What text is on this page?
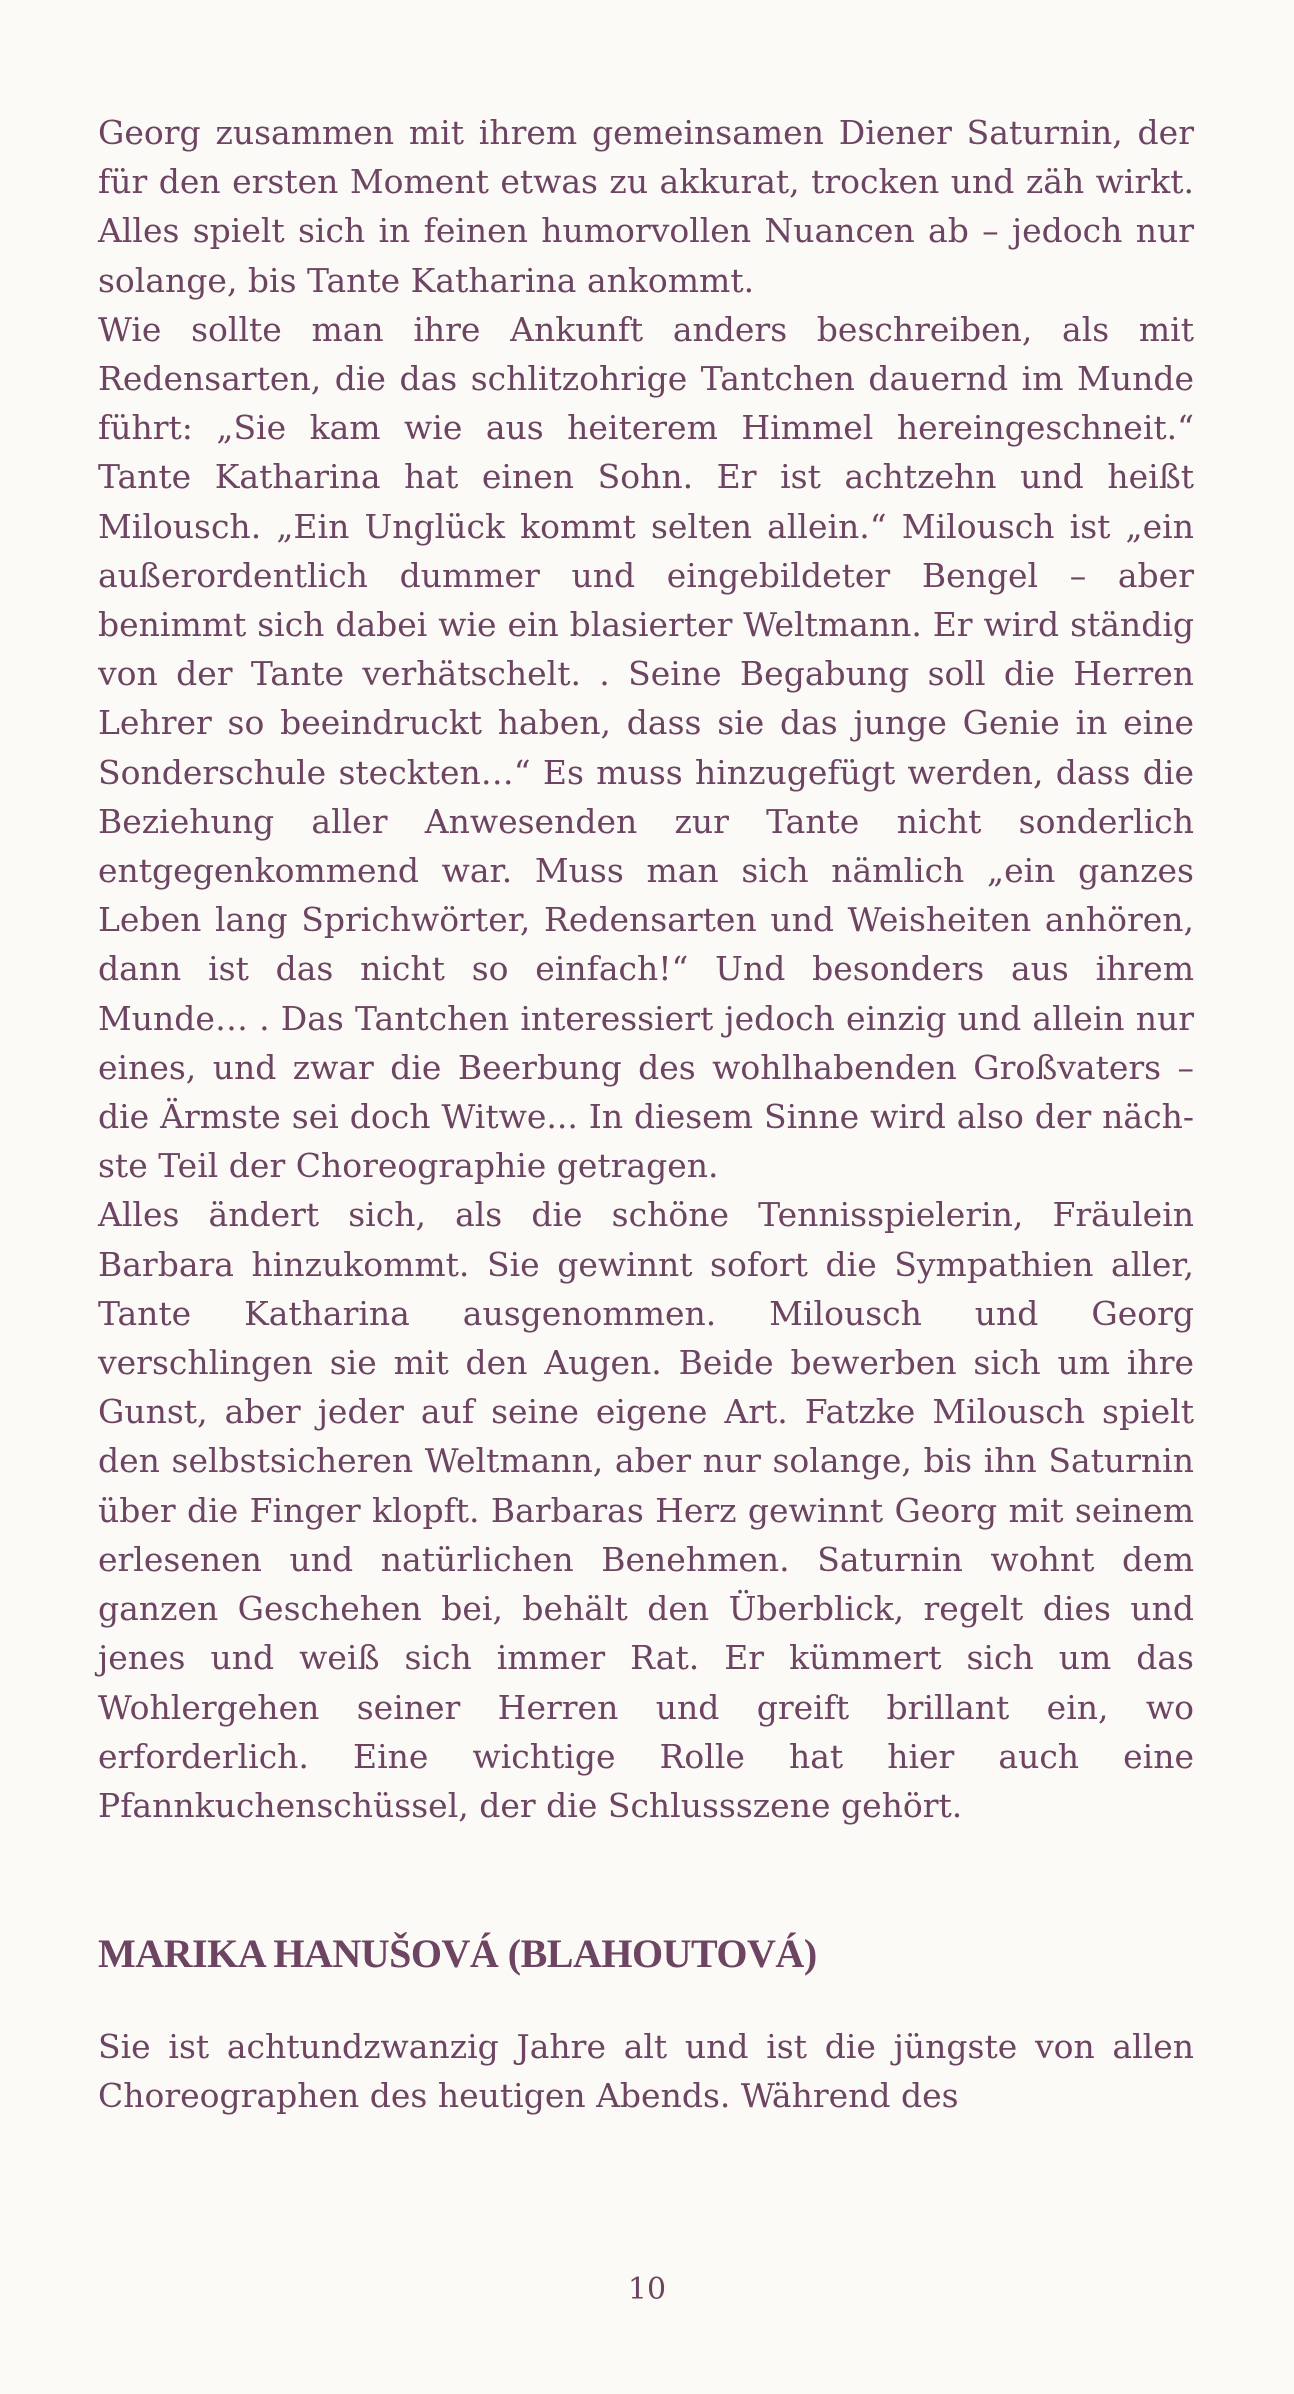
Georg zusammen mit ihrem gemeinsamen Diener Saturnin, der für den ersten Moment etwas zu akkurat, trocken und zäh wirkt. Alles spielt sich in feinen humorvollen Nuancen ab – jedoch nur solange, bis Tante Katharina ankommt.

Wie sollte man ihre Ankunft anders beschreiben, als mit Redensarten, die das schlitzohrige Tantchen dauernd im Munde führt: „Sie kam wie aus heiterem Himmel hereingeschneit.“ Tante Katharina hat einen Sohn. Er ist achtzehn und heißt Milousch. „Ein Unglück kommt selten allein.“ Milousch ist „ein außerordentlich dummer und eingebildeter Bengel – aber benimmt sich dabei wie ein blasierter Weltmann. Er wird ständig von der Tante verhätschelt. . Seine Begabung soll die Herren Lehrer so beeindruckt haben, dass sie das junge Genie in eine Sonderschule steckten…“ Es muss hinzugefügt werden, dass die Beziehung aller Anwesenden zur Tante nicht sonderlich entgegenkommend war. Muss man sich nämlich „ein ganzes Leben lang Sprichwörter, Redensarten und Weisheiten anhören, dann ist das nicht so einfach!“ Und besonders aus ihrem Munde… . Das Tantchen interessiert jedoch einzig und allein nur eines, und zwar die Beerbung des wohlhabenden Großvaters – die Ärmste sei doch Witwe... In diesem Sinne wird also der nächste Teil der Choreographie getragen.

Alles ändert sich, als die schöne Tennisspielerin, Fräulein Barbara hinzukommt. Sie gewinnt sofort die Sympathien aller, Tante Katharina ausgenommen. Milousch und Georg verschlingen sie mit den Augen. Beide bewerben sich um ihre Gunst, aber jeder auf seine eigene Art. Fatzke Milousch spielt den selbstsicheren Weltmann, aber nur solange, bis ihn Saturnin über die Finger klopft. Barbaras Herz gewinnt Georg mit seinem erlesenen und natürlichen Benehmen. Saturnin wohnt dem ganzen Geschehen bei, behält den Überblick, regelt dies und jenes und weiß sich immer Rat. Er kümmert sich um das Wohlergehen seiner Herren und greift brillant ein, wo erforderlich. Eine wichtige Rolle hat hier auch eine Pfannkuchenschüssel, der die Schlussszene gehört.

MARIKA HANUŠOVÁ (BLAHOUTOVÁ)

Sie ist achtundzwanzig Jahre alt und ist die jüngste von allen Choreographen des heutigen Abends. Während des

10
